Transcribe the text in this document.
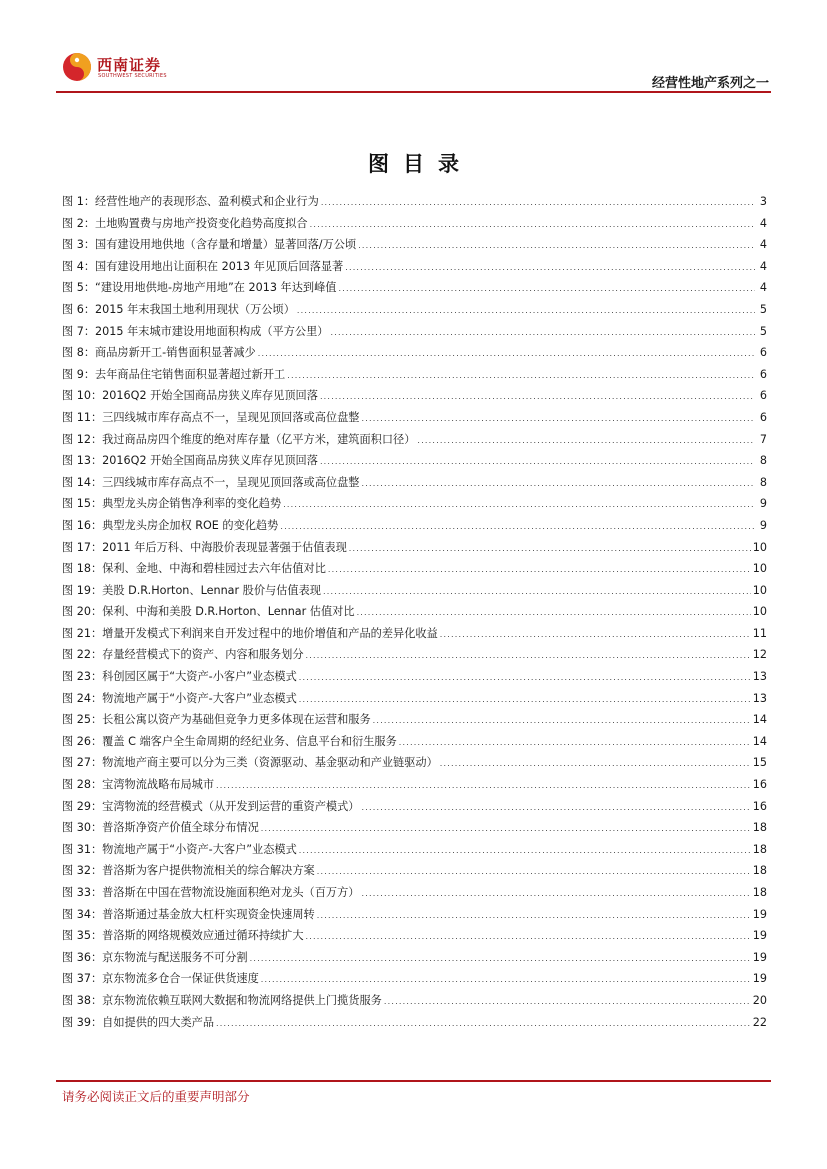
西南证券
SOUTHWEST SECURITIES	经营性地产系列之一
图目录
图 1：经营性地产的表现形态、盈利模式和企业行为 .....	3
图 2：土地购置费与房地产投资变化趋势高度拟合 .....	4
图 3：国有建设用地供地（含存量和增量）显著回落/万公顷 .....	4
图 4：国有建设用地出让面积在 2013 年见顶后回落显著 .....	4
图 5：“建设用地供地-房地产用地”在 2013 年达到峰值 .....	4
图 6：2015 年末我国土地利用现状（万公顷） .....	5
图 7：2015 年末城市建设用地面积构成（平方公里） .....	5
图 8：商品房新开工-销售面积显著减少 .....	6
图 9：去年商品住宅销售面积显著超过新开工 .....	6
图 10：2016Q2 开始全国商品房狭义库存见顶回落 .....	6
图 11：三四线城市库存高点不一，呈现见顶回落或高位盘整 .....	6
图 12：我过商品房四个维度的绝对库存量（亿平方米，建筑面积口径） .....	7
图 13：2016Q2 开始全国商品房狭义库存见顶回落 .....	8
图 14：三四线城市库存高点不一，呈现见顶回落或高位盘整 .....	8
图 15：典型龙头房企销售净利率的变化趋势 .....	9
图 16：典型龙头房企加权 ROE 的变化趋势 .....	9
图 17：2011 年后万科、中海股价表现显著强于估值表现 .....	10
图 18：保利、金地、中海和碧桂园过去六年估值对比 .....	10
图 19：美股 D.R.Horton、Lennar 股价与估值表现 .....	10
图 20：保利、中海和美股 D.R.Horton、Lennar 估值对比 .....	10
图 21：增量开发模式下利润来自开发过程中的地价增值和产品的差异化收益 .....	11
图 22：存量经营模式下的资产、内容和服务划分 .....	12
图 23：科创园区属于“大资产-小客户”业态模式 .....	13
图 24：物流地产属于“小资产-大客户”业态模式 .....	13
图 25：长租公寓以资产为基础但竞争力更多体现在运营和服务 .....	14
图 26：覆盖 C 端客户全生命周期的经纪业务、信息平台和衍生服务 .....	14
图 27：物流地产商主要可以分为三类（资源驱动、基金驱动和产业链驱动） .....	15
图 28：宝湾物流战略布局城市 .....	16
图 29：宝湾物流的经营模式（从开发到运营的重资产模式） .....	16
图 30：普洛斯净资产价值全球分布情况 .....	18
图 31：物流地产属于“小资产-大客户”业态模式 .....	18
图 32：普洛斯为客户提供物流相关的综合解决方案 .....	18
图 33：普洛斯在中国在营物流设施面积绝对龙头（百万方） .....	18
图 34：普洛斯通过基金放大杠杆实现资金快速周转 .....	19
图 35：普洛斯的网络规模效应通过循环持续扩大 .....	19
图 36：京东物流与配送服务不可分割 .....	19
图 37：京东物流多仓合一保证供货速度 .....	19
图 38：京东物流依赖互联网大数据和物流网络提供上门揽货服务 .....	20
图 39：自如提供的四大类产品 .....	22
请务必阅读正文后的重要声明部分
